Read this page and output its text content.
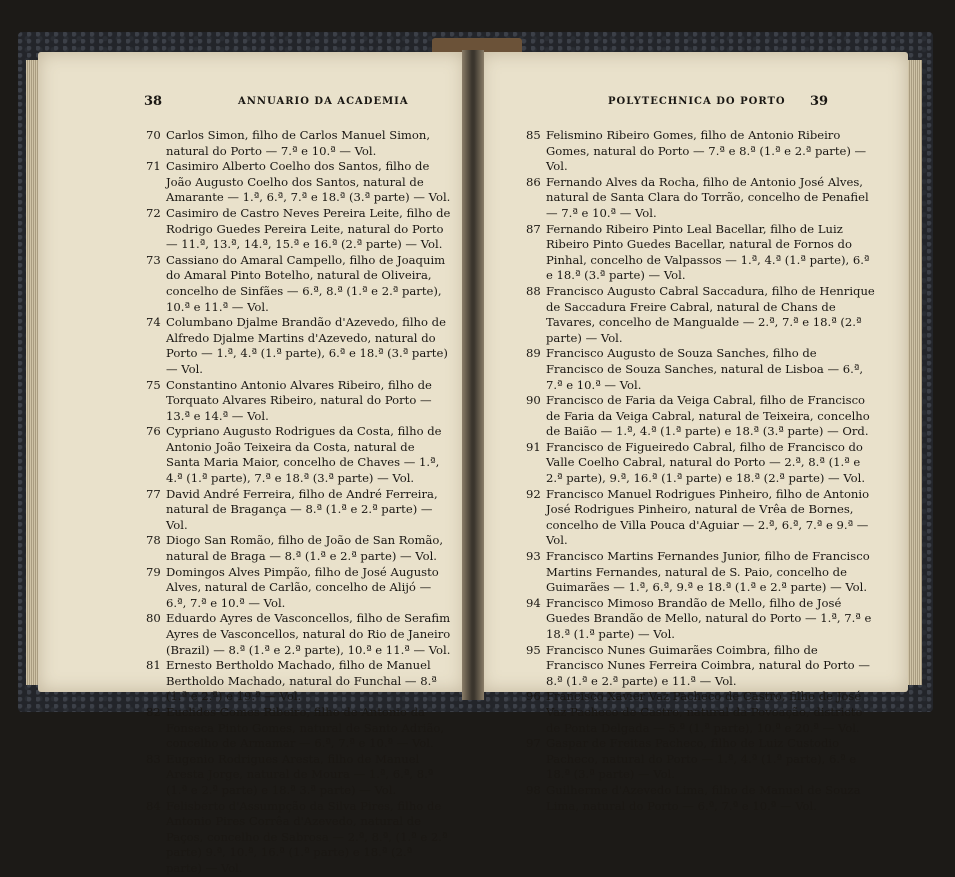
38	ANNUARIO DA ACADEMIA

70 Carlos Simon, filho de Carlos Manuel Simon, natural do Porto — 7.ª e 10.ª — Vol.

71 Casimiro Alberto Coelho dos Santos, filho de João Augusto Coelho dos Santos, natural de Amarante — 1.ª, 6.ª, 7.ª e 18.ª (3.ª parte) — Vol.

72 Casimiro de Castro Neves Pereira Leite, filho de Rodrigo Guedes Pereira Leite, natural do Porto — 11.ª, 13.ª, 14.ª, 15.ª e 16.ª (2.ª parte) — Vol.

73 Cassiano do Amaral Campello, filho de Joaquim do Amaral Pinto Botelho, natural de Oliveira, concelho de Sinfães — 6.ª, 8.ª (1.ª e 2.ª parte), 10.ª e 11.ª — Vol.

74 Columbano Djalme Brandão d'Azevedo, filho de Alfredo Djalme Martins d'Azevedo, natural do Porto — 1.ª, 4.ª (1.ª parte), 6.ª e 18.ª (3.ª parte) — Vol.

75 Constantino Antonio Alvares Ribeiro, filho de Torquato Alvares Ribeiro, natural do Porto — 13.ª e 14.ª — Vol.

76 Cypriano Augusto Rodrigues da Costa, filho de Antonio João Teixeira da Costa, natural de Santa Maria Maior, concelho de Chaves — 1.ª, 4.ª (1.ª parte), 7.ª e 18.ª (3.ª parte) — Vol.

77 David André Ferreira, filho de André Ferreira, natural de Bragança — 8.ª (1.ª e 2.ª parte) — Vol.

78 Diogo San Romão, filho de João de San Romão, natural de Braga — 8.ª (1.ª e 2.ª parte) — Vol.

79 Domingos Alves Pimpão, filho de José Augusto Alves, natural de Carlão, concelho de Alijó — 6.ª, 7.ª e 10.ª — Vol.

80 Eduardo Ayres de Vasconcellos, filho de Serafim Ayres de Vasconcellos, natural do Rio de Janeiro (Brazil) — 8.ª (1.ª e 2.ª parte), 10.ª e 11.ª — Vol.

81 Ernesto Bertholdo Machado, filho de Manuel Bertholdo Machado, natural do Funchal — 8.ª (1.ª e 2.ª) e 19.ª — Vol.

82 Euclides Gomes Ribeiro, filho de Antonio da Fonseca Pinto Gomes, natural de Santo Adrião, concelho de Armamar — 6.ª, 7.ª e 10.ª — Vol.

83 Eugenio Rodrigues Aresta, filho de Manuel Aresta Jorge, natural de Moura — 1.ª, 6.ª, 8.ª (1.ª e 2.ª parte) e 18.ª 3.ª parte) — Vol.

84 Felisberto d'Assumpção da Silva Pires, filho de Antonio Pires Corrêa d'Azevedo, natural de Paços, concelho de Sabrosa — 2.ª, 8.ª, (1.ª e 2.ª parte) 9.ª, 10.ª, 16.ª (1.ª parte) e 18.ª (2.ª parte) — Vol.

POLYTECHNICA DO PORTO 39

85 Felismino Ribeiro Gomes, filho de Antonio Ribeiro Gomes, natural do Porto — 7.ª e 8.ª (1.ª e 2.ª parte) — Vol.

86 Fernando Alves da Rocha, filho de Antonio José Alves, natural de Santa Clara do Torrão, concelho de Penafiel — 7.ª e 10.ª — Vol.

87 Fernando Ribeiro Pinto Leal Bacellar, filho de Luiz Ribeiro Pinto Guedes Bacellar, natural de Fornos do Pinhal, concelho de Valpassos — 1.ª, 4.ª (1.ª parte), 6.ª e 18.ª (3.ª parte) — Vol.

88 Francisco Augusto Cabral Saccadura, filho de Henrique de Saccadura Freire Cabral, natural de Chans de Tavares, concelho de Mangualde — 2.ª, 7.ª e 18.ª (2.ª parte) — Vol.

89 Francisco Augusto de Souza Sanches, filho de Francisco de Souza Sanches, natural de Lisboa — 6.ª, 7.ª e 10.ª — Vol.

90 Francisco de Faria da Veiga Cabral, filho de Francisco de Faria da Veiga Cabral, natural de Teixeira, concelho de Baião — 1.ª, 4.ª (1.ª parte) e 18.ª (3.ª parte) — Ord.

91 Francisco de Figueiredo Cabral, filho de Francisco do Valle Coelho Cabral, natural do Porto — 2.ª, 8.ª (1.ª e 2.ª parte), 9.ª, 16.ª (1.ª parte) e 18.ª (2.ª parte) — Vol.

92 Francisco Manuel Rodrigues Pinheiro, filho de Antonio José Rodrigues Pinheiro, natural de Vrêa de Bornes, concelho de Villa Pouca d'Aguiar — 2.ª, 6.ª, 7.ª e 9.ª — Vol.

93 Francisco Martins Fernandes Junior, filho de Francisco Martins Fernandes, natural de S. Paio, concelho de Guimarães — 1.ª, 6.ª, 9.ª e 18.ª (1.ª e 2.ª parte) — Vol.

94 Francisco Mimoso Brandão de Mello, filho de José Guedes Brandão de Mello, natural do Porto — 1.ª, 7.ª e 18.ª (1.ª parte) — Vol.

95 Francisco Nunes Guimarães Coimbra, filho de Francisco Nunes Ferreira Coimbra, natural do Porto — 8.ª (1.ª e 2.ª parte) e 11.ª — Vol.

96 Francisco Xavier Vaz Pacheco de Castro, filho de José Vaz Pacheco de Castro, natural da Povoação, districto de Ponta Delgada — 5.ª (1.ª parte), 10.ª e 20.ª — Vol.

97 Gaspar de Freitas Pacheco, filho de Luiz Custodio Pacheco, natural do Porto — 1.ª, 4.ª (1.ª parte), 6.ª e 18.ª (3.ª parte) — Vol.

98 Guilherme d'Azevedo Lima, filho de Manuel de Souza Lima, natural do Porto — 6.ª, 7.ª e 10.ª — Vol.
